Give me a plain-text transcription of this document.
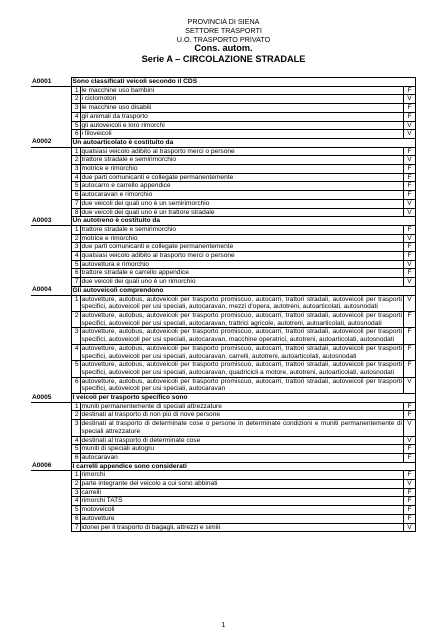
PROVINCIA DI SIENA
SETTORE TRASPORTI
U.O. TRASPORTO PRIVATO
Cons. autom.
Serie A – CIRCOLAZIONE STRADALE
A0001	Sono classificati veicoli secondo il CDS		
	1	le macchine uso bambini	F
	2	i ciclomotori	V
	3	le macchine uso disabili	F
	4	gli animali da trasporto	F
	5	gli autoveicoli e loro rimorchi	V
	6	i filoveicoli	V
A0002	Un autoarticolato è costituito da		
	1	qualsiasi veicolo adibito al trasporto merci o persone	F
	2	trattore stradale e semirimorchio	V
	3	motrice e rimorchio	F
	4	due parti comunicanti e collegate permanentemente	F
	5	autocarro e carrello appendice	F
	6	autocaravan e rimorchio	F
	7	due veicoli dei quali uno è un semirimorchio	V
	8	due veicoli dei quali uno è un trattore stradale	V
A0003	Un autotreno è costituito da		
	1	trattore stradale e semirimorchio	F
	2	motrice e rimorchio	V
	3	due parti comunicanti e collegate permanentemente	F
	4	qualsiasi veicolo adibito al trasporto merci o persone	F
	5	autovettura e rimorchio	V
	6	trattore stradale e carrello appendice	F
	7	due veicoli dei quali uno è un rimorchio	V
A0004	Gli autoveicoli comprendono		
	1	autovetture, autobus, autoveicoli per trasporto promiscuo, autocarri, trattori stradali, autoveicoli per trasporti specifici, autoveicoli per usi speciali, autocaravan, mezzi d'opera, autotreni, autoarticolati, autosnodati	V
	2	autovetture, autobus, autoveicoli per trasporto promiscuo, autocarri, trattori stradali, autoveicoli per trasporti specifici, autoveicoli per usi speciali, autocaravan, trattrici agricole, autotreni, autoarticolati, autosnodati	F
	3	autovetture, autobus, autoveicoli per trasporto promiscuo, autocarri, trattori stradali, autoveicoli per trasporti specifici, autoveicoli per usi speciali, autocaravan, macchine operatrici, autotreni, autoarticolati, autosnodati	F
	4	autovetture, autobus, autoveicoli per trasporto promiscuo, autocarri, trattori stradali, autoveicoli per trasporti specifici, autoveicoli per usi speciali, autocaravan, carrelli, autotreni, autoarticolati, autosnodati	F
	5	autovetture, autobus, autoveicoli per trasporto promiscuo, autocarri, trattori stradali, autoveicoli per trasporti specifici, autoveicoli per usi speciali, autocaravan, quadricicli a motore, autotreni, autoarticolati, autosnodati	F
	6	autovetture, autobus, autoveicoli per trasporto promiscuo, autocarri, trattori stradali, autoveicoli per trasporti specifici, autoveicoli per usi speciali, autocaravan	V
A0005	I veicoli per trasporto specifico sono		
	1	muniti permanentemente di speciali attrezzature	F
	2	destinati al trasporto di non più di nove persone	F
	3	destinati al trasporto di determinate cose o persone in determinate condizioni e muniti permanentemente di speciali attrezzature	V
	4	destinati al trasporto di determinate cose	V
	5	muniti di speciali autogru	F
	6	autocaravan	F
A0006	I carrelli appendice sono considerati		
	1	rimorchi	F
	2	parte integrante del veicolo a cui sono abbinati	V
	3	carrelli	F
	4	rimorchi TATS	F
	5	motoveicoli	F
	6	autovetture	F
	7	idonei per il trasporto di bagagli, attrezzi e simili	V
1
